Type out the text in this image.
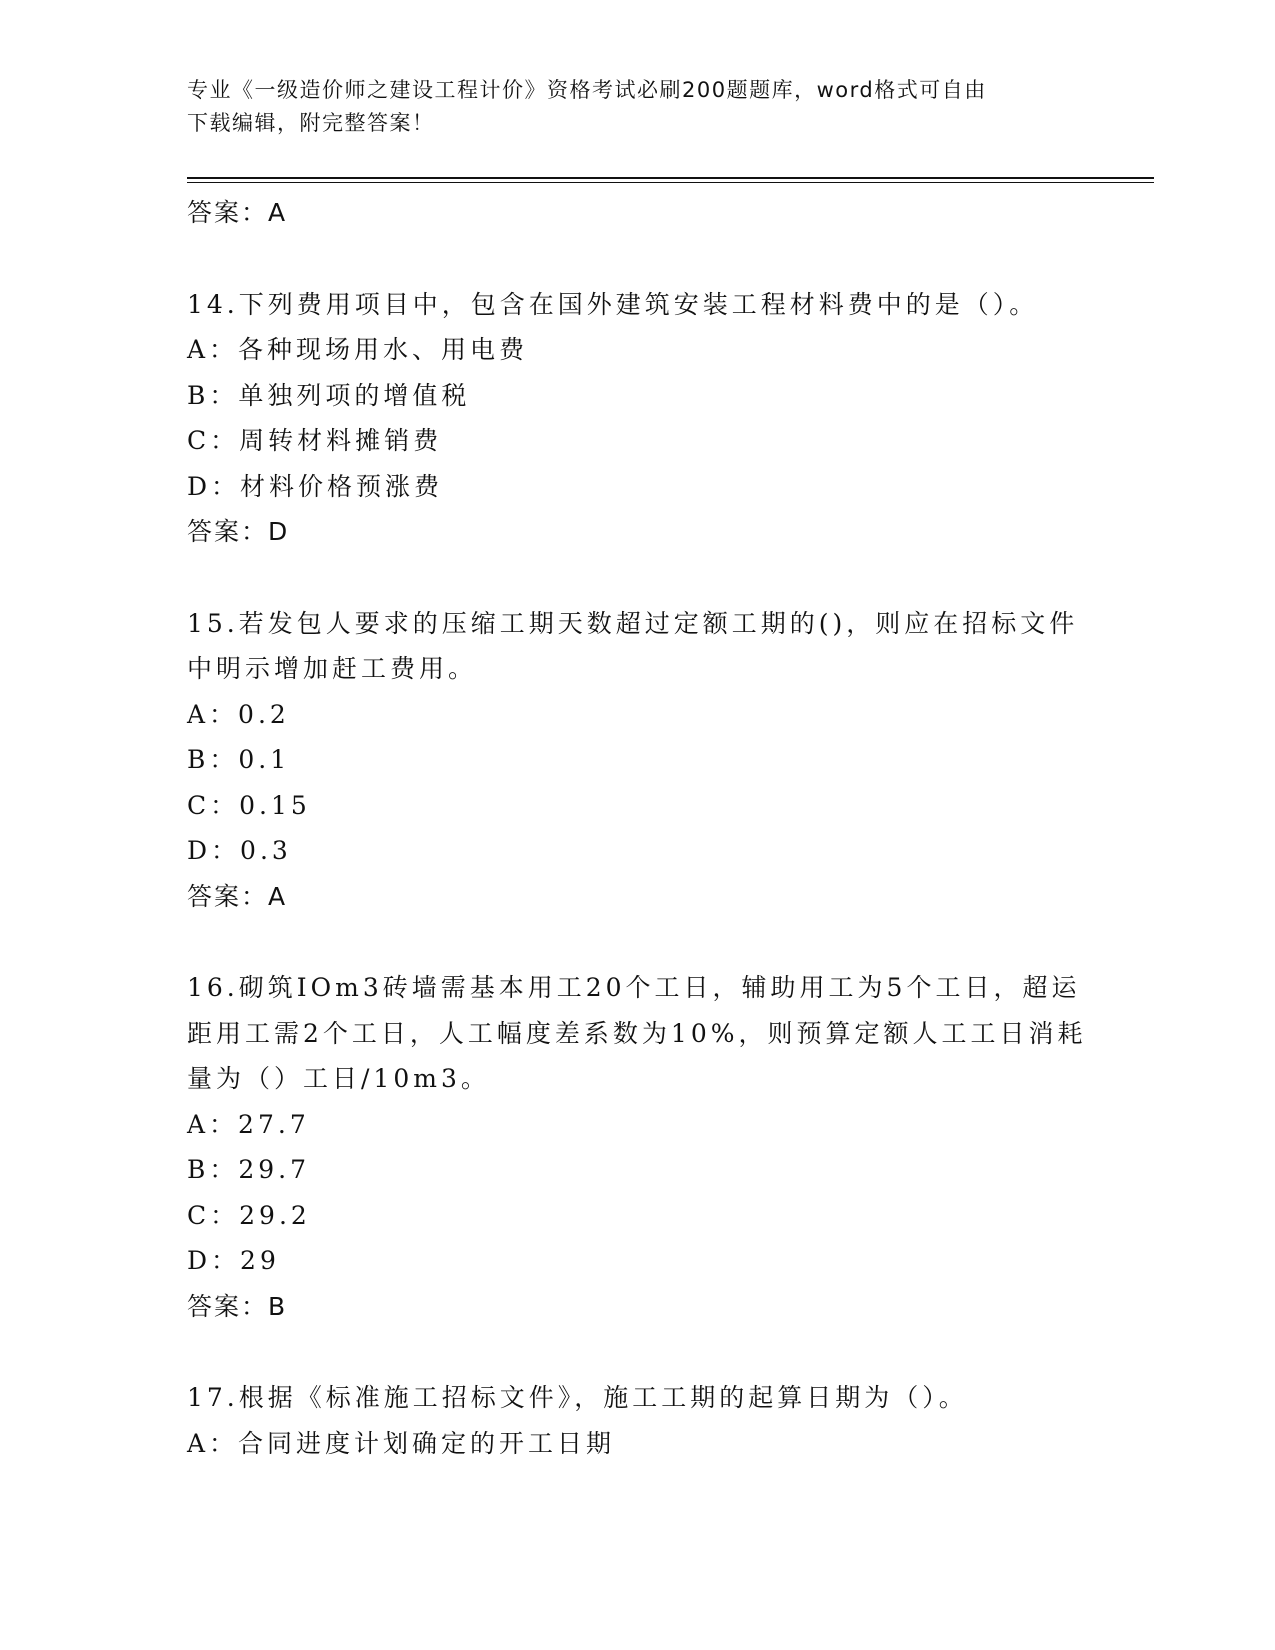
专业《一级造价师之建设工程计价》资格考试必刷200题题库，word格式可自由
下载编辑，附完整答案！
答案：A
14.下列费用项目中，包含在国外建筑安装工程材料费中的是（）。
A：各种现场用水、用电费
B：单独列项的增值税
C：周转材料摊销费
D：材料价格预涨费
答案：D
15.若发包人要求的压缩工期天数超过定额工期的()，则应在招标文件
中明示增加赶工费用。
A：0.2
B：0.1
C：0.15
D：0.3
答案：A
16.砌筑IOm3砖墙需基本用工20个工日，辅助用工为5个工日，超运
距用工需2个工日，人工幅度差系数为10%，则预算定额人工工日消耗
量为（）工日/10m3。
A：27.7
B：29.7
C：29.2
D：29
答案：B
17.根据《标准施工招标文件》，施工工期的起算日期为（）。
A：合同进度计划确定的开工日期
